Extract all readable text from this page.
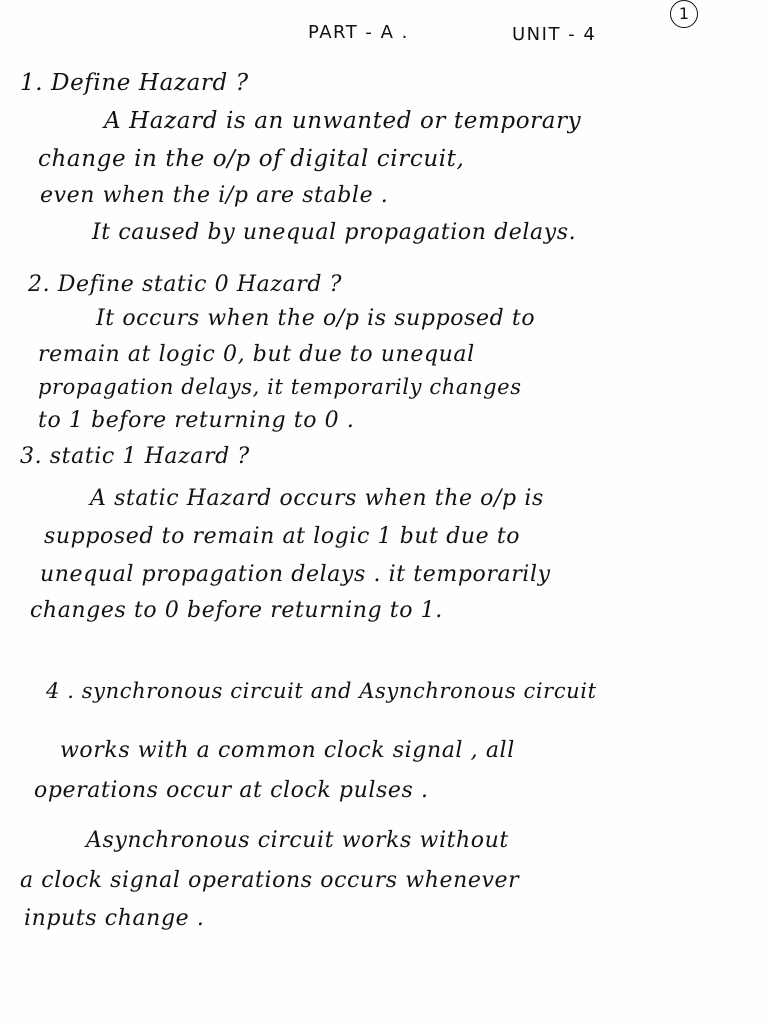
PART - A .	UNIT - 4
1
1. Define Hazard ?
A Hazard is an unwanted or temporary
change in the o/p of digital circuit,
even when the i/p are stable .
It caused by unequal propagation delays.
2. Define static 0 Hazard ?
It occurs when the o/p is supposed to
remain at logic 0, but due to unequal
propagation delays, it temporarily changes
to 1 before returning to 0 .
3. static 1 Hazard ?
A static Hazard occurs when the o/p is
supposed to remain at logic 1 but due to
unequal propagation delays . it temporarily
changes to 0 before returning to 1.
4 . synchronous circuit and Asynchronous circuit
works with a common clock signal , all
operations occur at clock pulses .
Asynchronous circuit works without
a clock signal operations occurs whenever
inputs change .
